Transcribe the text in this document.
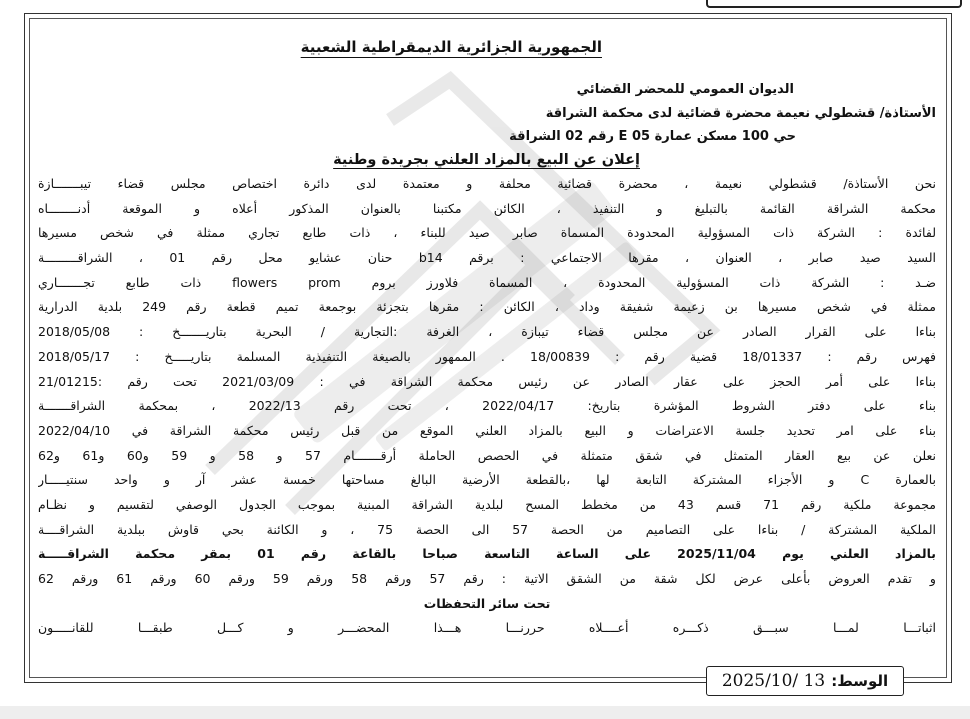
الجمهورية الجزائرية الديمقراطية الشعبية
الديوان العمومي للمحضر القضائي
الأستاذة/ قشطولي نعيمة محضرة قضائية لدى محكمة الشراقة
حي 100 مسكن عمارة E 05 رقم 02 الشراقة
إعلان عن البيع بالمزاد العلني بجريدة وطنية
نحن الأستاذة/ قشطولي نعيمة ، محضرة قضائية محلفة و معتمدة لدى دائرة اختصاص مجلس قضاء تيبـــــــازة
محكمة الشراقة القائمة بالتبليغ و التنفيذ ، الكائن مكتبنا بالعنوان المذكور أعلاه و الموقعة أدنــــــــاه
لفائدة : الشركة ذات المسؤولية المحدودة المسماة صابر صيد للبناء ، ذات طابع تجاري ممثلة في شخص مسيرها
السيد صيد صابر ، العنوان ، مقرها الاجتماعي : برقم b14 حنان عشايو محل رقم 01 ، الشراقـــــــــة
ضـد : الشركة ذات المسؤولية المحدودة ، المسماة فلاورز بروم flowers prom ذات طابع تجـــــــاري
ممثلة في شخص مسيرها بن زعيمة شفيقة وداد ، الكائن : مقرها بتجزئة بوجمعة تميم قطعة رقم 249 بلدية الدرارية
بناءا على القرار الصادر عن مجلس قضاء تيبازة ، الغرفة :التجارية / البحرية بتاريـــــــخ : 2018/05/08
فهرس رقم : 18/01337 قضية رقم : 18/00839 . الممهور بالصيغة التنفيذية المسلمة بتاريـــــخ : 2018/05/17
بناءا على أمر الحجز على عقار الصادر عن رئيس محكمة الشراقة في : 2021/03/09 تحت رقم :21/01215
بناء على دفتر الشروط المؤشرة بتاريخ: 2022/04/17 ، تحت رقم 2022/13 ، بمحكمة الشراقـــــــة
بناء على امر تحديد جلسة الاعتراضات و البيع بالمزاد العلني الموقع من قبل رئيس محكمة الشراقة في 2022/04/10
نعلن عن بيع العقار المتمثل في شقق متمثلة في الحصص الحاملة أرقـــــــام 57 و 58 و 59 و60 و61 و62
بالعمارة C و الأجزاء المشتركة التابعة لها ،بالقطعة الأرضية البالغ مساحتها خمسة عشر آر و واحد سنتيـــــار
مجموعة ملكية رقم 71 قسم 43 من مخطط المسح لبلدية الشراقة المبنية بموجب الجدول الوصفي لتقسيم و نظـام
الملكية المشتركة / بناءا على التصاميم من الحصة 57 الى الحصة 75 ، و الكائنة بحي قاوش ببلدية الشراقــــة
بالمزاد العلني يوم 2025/11/04 على الساعة التاسعة صباحا بالقاعة رقم 01 بمقر محكمة الشراقـــــة
و تقدم العروض بأعلى عرض لكل شقة من الشقق الاتية : رقم 57 ورقم 58 ورقم 59 ورقم 60 ورقم 61 ورقم 62
تحت سائر التحفظات
اثباتـــا لمـــا سبـــق ذكـــره أعــــلاه حررنـــا هـــذا المحضـــر و كـــل طبقـــا للقانـــــون
الوسط:
2025/10/ 13
